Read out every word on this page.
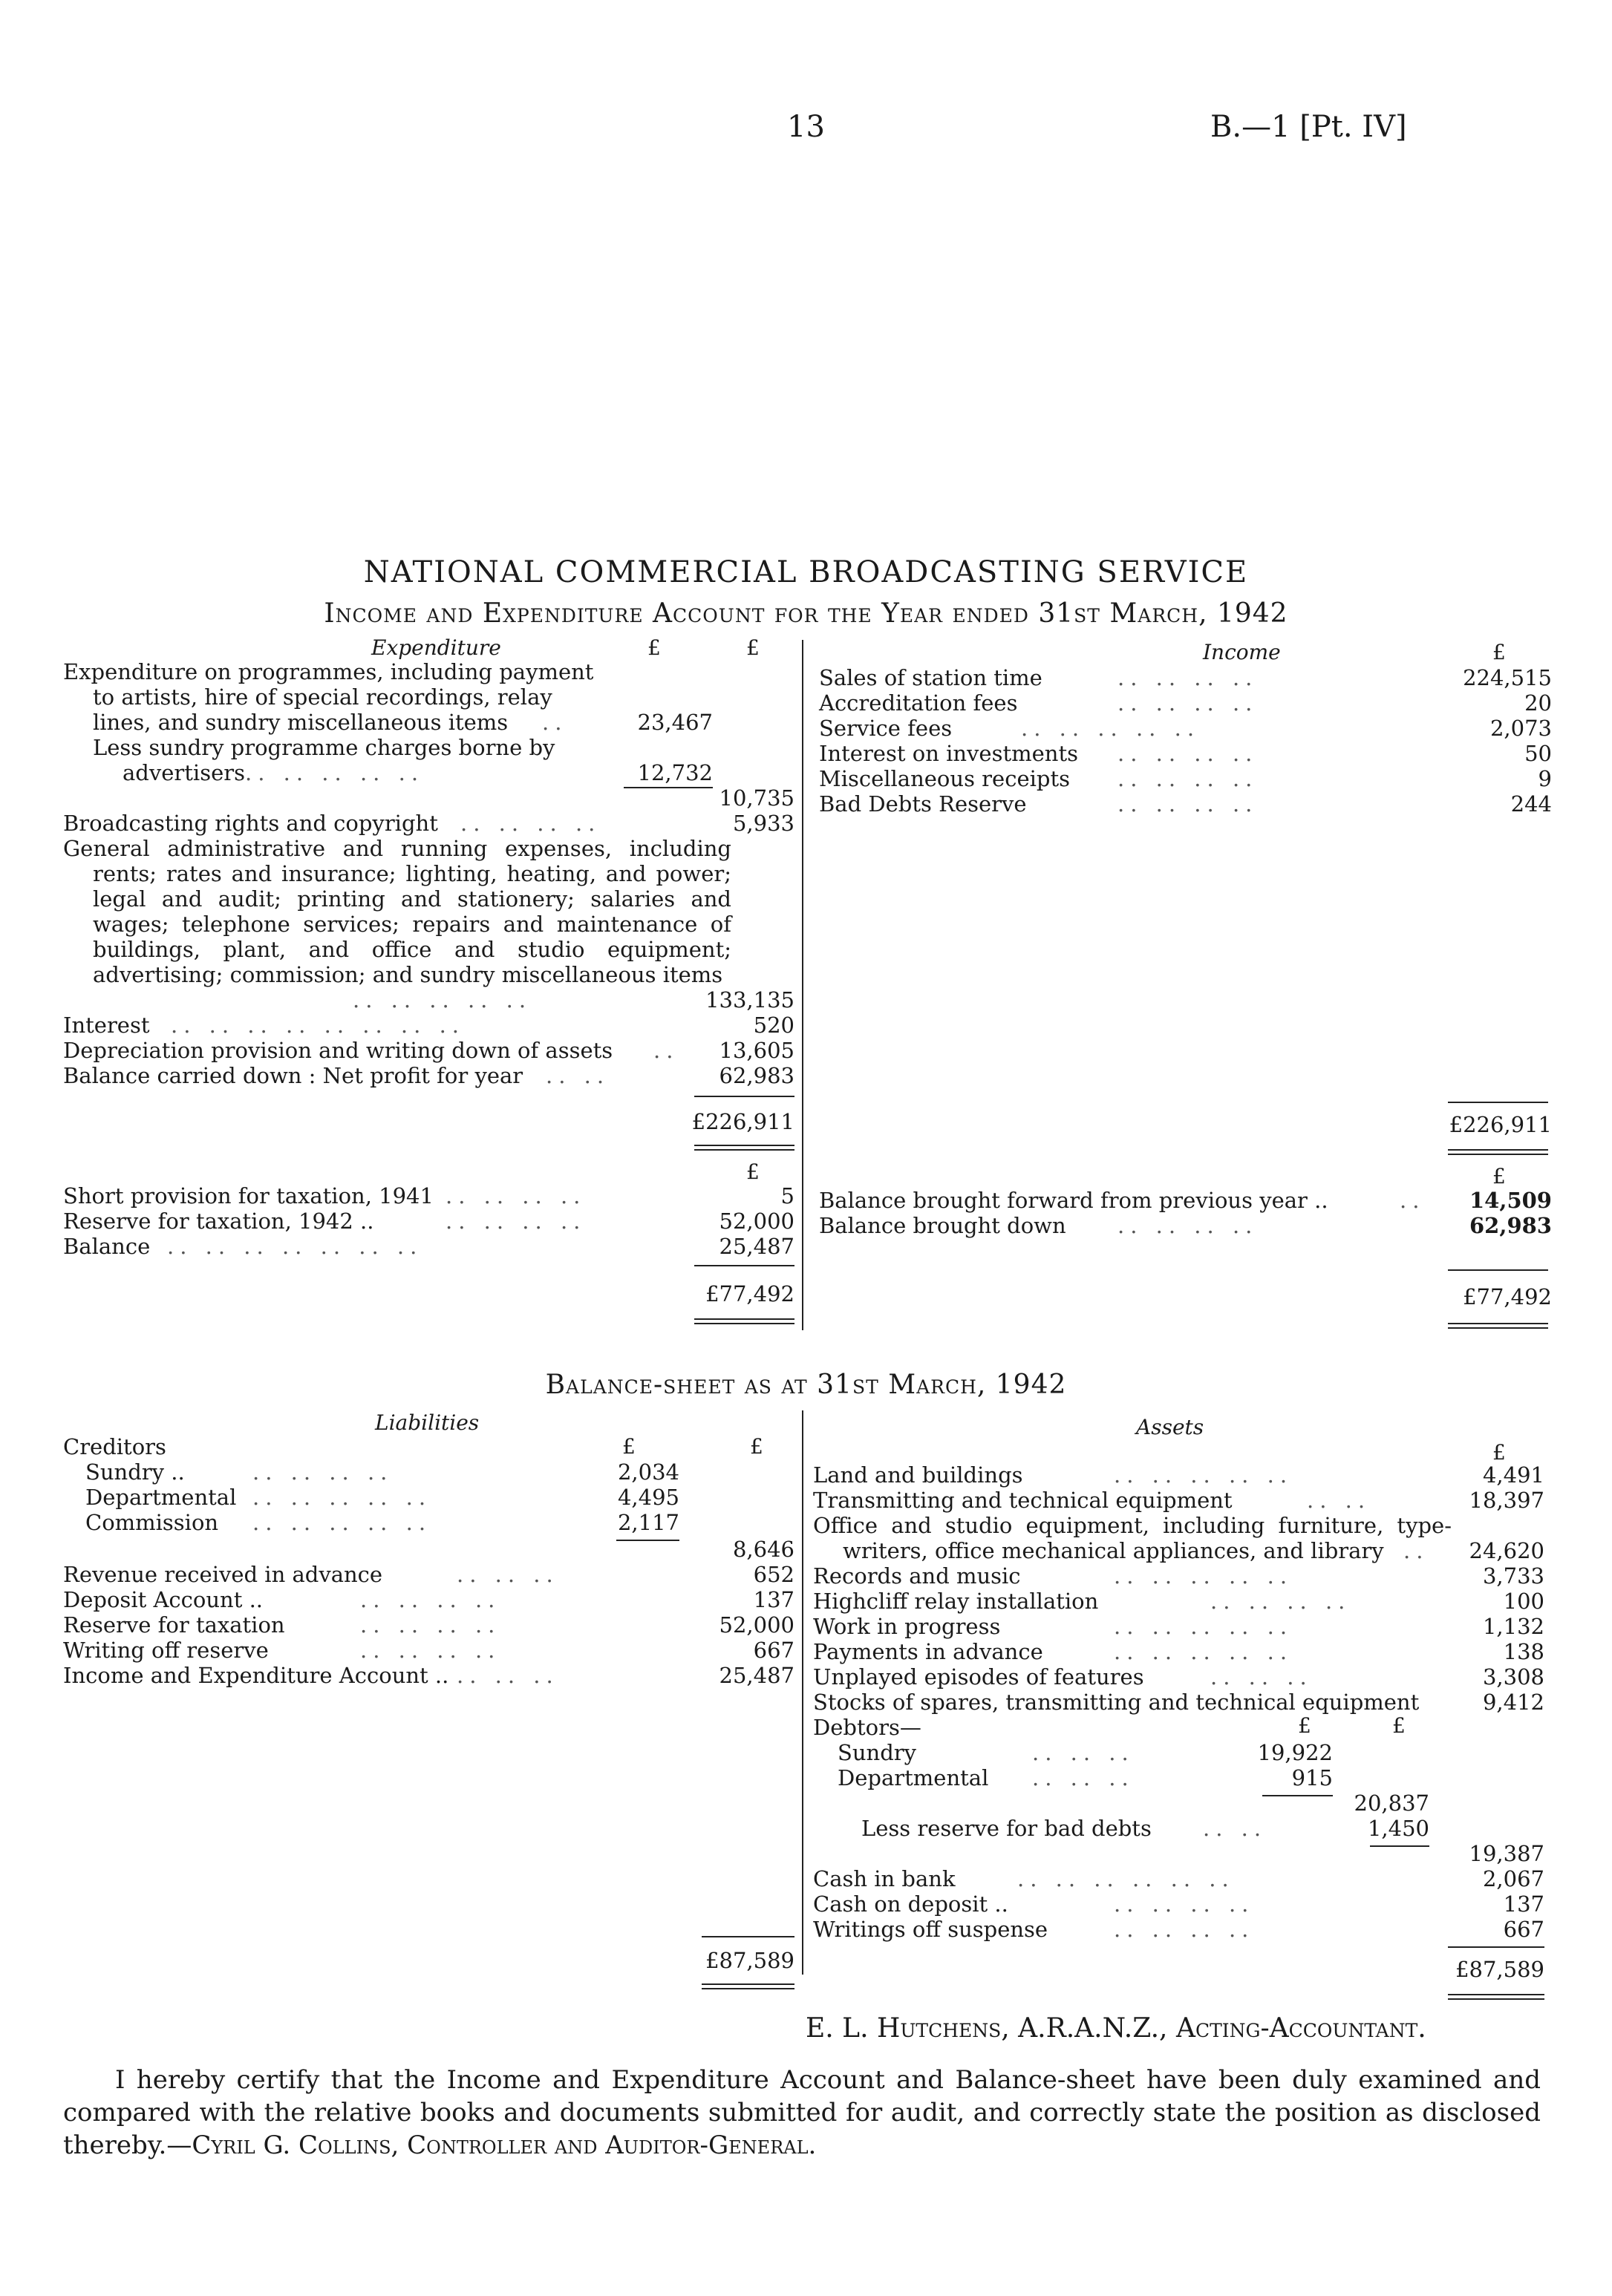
13	B.—1 [Pt. IV]
NATIONAL COMMERCIAL BROADCASTING SERVICE
Income and Expenditure Account for the Year ended 31st March, 1942
Expenditure	£	£
Expenditure on programmes, including payment to artists, hire of special recordings, relay lines, and sundry miscellaneous items	..	23,467
Less sundry programme charges borne by advertisers .. .. .. .. ..	12,732
10,735
Broadcasting rights and copyright .. .. .. ..	5,933
General administrative and running expenses, including rents; rates and insurance; lighting, heating, and power; legal and audit; printing and stationery; salaries and wages; telephone services; repairs and maintenance of buildings, plant, and office and studio equipment; advertising; commission; and sundry miscellaneous items
.. .. .. .. ..	133,135
Interest .. .. .. .. .. .. .. ..	520
Depreciation provision and writing down of assets ..	13,605
Balance carried down : Net profit for year .. ..	62,983
£226,911
Income	£
Sales of station time	.. .. .. ..	224,515
Accreditation fees	.. .. .. ..	20
Service fees	.. .. .. .. ..	2,073
Interest on investments .. .. .. ..	50
Miscellaneous receipts .. .. .. ..	9
Bad Debts Reserve	.. .. .. ..	244
£226,911
£	£
Short provision for taxation, 1941 .. .. .. ..	5
Reserve for taxation, 1942 ..	.. .. .. ..	52,000
Balance .. .. .. .. .. .. ..	25,487
£77,492
Balance brought forward from previous year ..	..	14,509
Balance brought down .. .. .. ..	62,983
£77,492
Balance-sheet as at 31st March, 1942
Liabilities
£	£
Creditors
Sundry ..	.. .. .. ..	2,034
Departmental .. .. .. .. ..	4,495
Commission .. .. .. .. ..	2,117
8,646
Revenue received in advance	.. .. ..	652
Deposit Account ..	.. .. .. ..	137
Reserve for taxation	.. .. .. ..	52,000
Writing off reserve	.. .. .. ..	667
Income and Expenditure Account .. .. .. ..	25,487
£87,589
Assets
£
Land and buildings	.. .. .. .. ..	4,491
Transmitting and technical equipment	.. ..	18,397
Office and studio equipment, including furniture, type-writers, office mechanical appliances, and library ..	24,620
Records and music	.. .. .. .. ..	3,733
Highcliff relay installation	.. .. .. ..	100
Work in progress	.. .. .. .. ..	1,132
Payments in advance	.. .. .. .. ..	138
Unplayed episodes of features	.. .. ..	3,308
Stocks of spares, transmitting and technical equipment	9,412
Debtors—	£	£
Sundry	.. .. ..	19,922
Departmental .. .. ..	915
20,837
Less reserve for bad debts .. ..	1,450
19,387
Cash in bank	.. .. .. .. .. ..	2,067
Cash on deposit ..	.. .. .. ..	137
Writings off suspense	.. .. .. ..	667
£87,589
E. L. Hutchens, A.R.A.N.Z., Acting-Accountant.
I hereby certify that the Income and Expenditure Account and Balance-sheet have been duly examined and compared with the relative books and documents submitted for audit, and correctly state the position as disclosed thereby.—Cyril G. Collins, Controller and Auditor-General.
